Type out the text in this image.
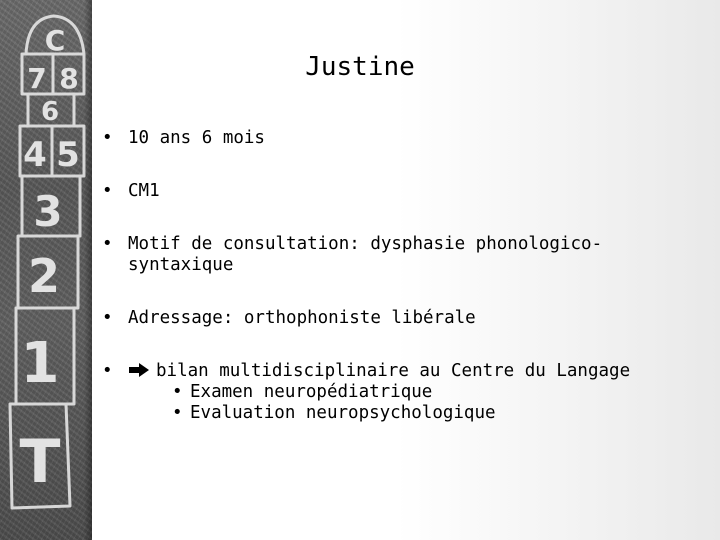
C
7 8
6
4 5
3
2
1
T
Justine
• 10 ans 6 mois
• CM1
• Motif de consultation: dysphasie phonologico-syntaxique
• Adressage: orthophoniste libérale
• bilan multidisciplinaire au Centre du Langage
• Examen neuropédiatrique
• Evaluation neuropsychologique
